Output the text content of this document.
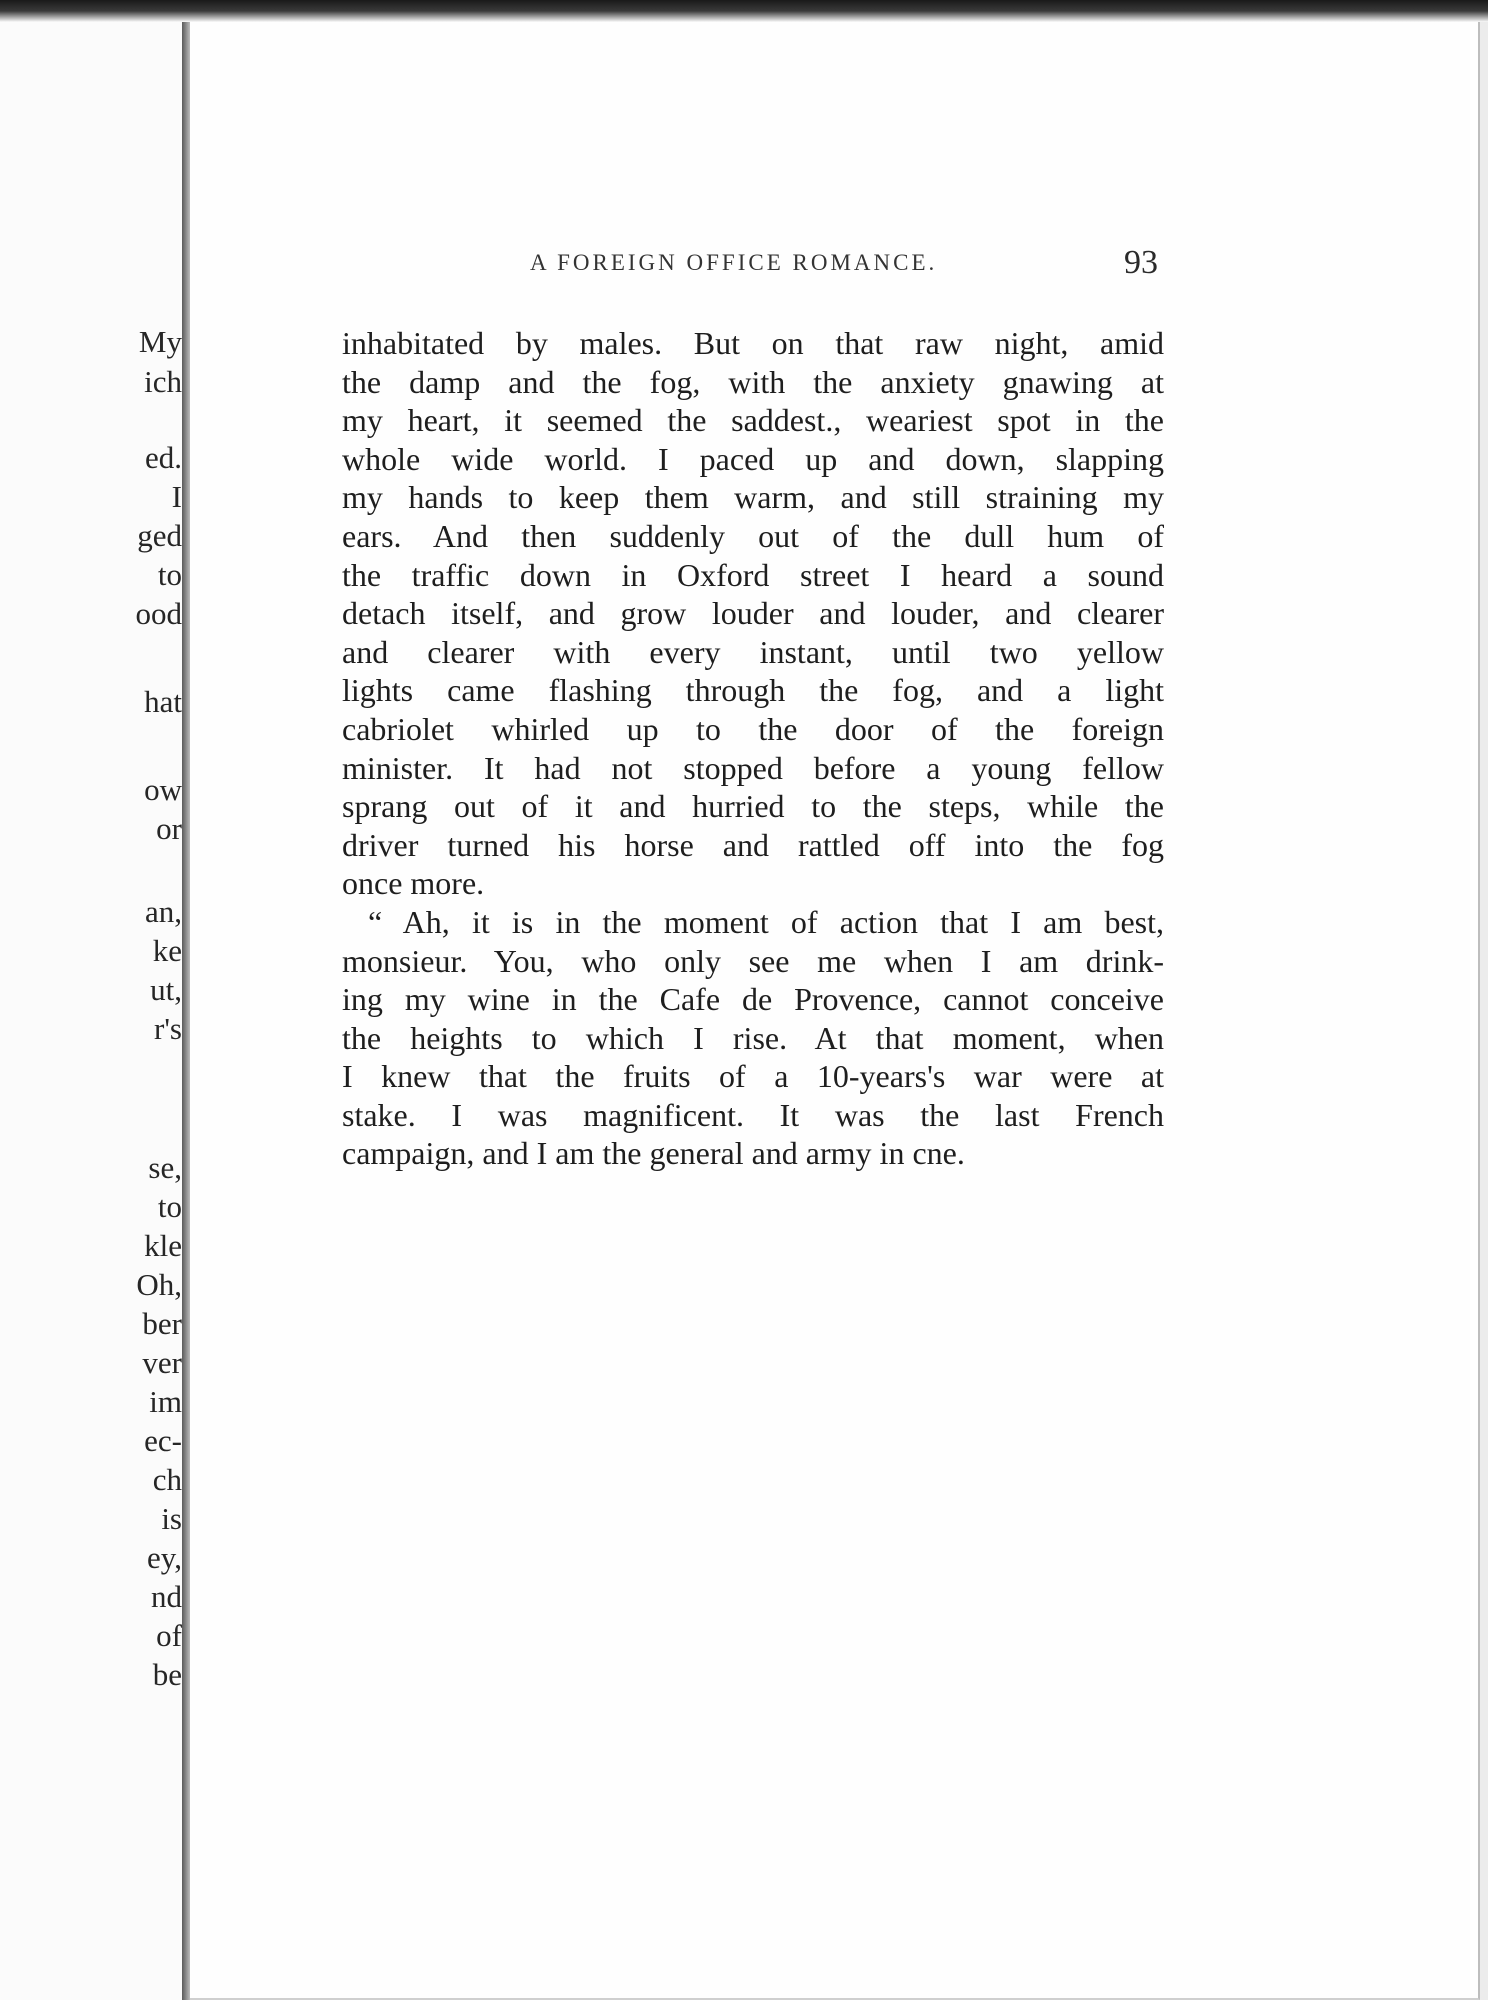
My
ich
ed.
I
ged
to
ood
hat
ow
or
an,
ke
ut,
r's
se,
to
kle
Oh,
ber
ver
im
ec-
ch
is
ey,
nd
of
be
A FOREIGN OFFICE ROMANCE.	93
inhabitated by males. But on that raw night, amid
the damp and the fog, with the anxiety gnawing at
my heart, it seemed the saddest., weariest spot in the
whole wide world. I paced up and down, slapping
my hands to keep them warm, and still straining my
ears. And then suddenly out of the dull hum of
the traffic down in Oxford street I heard a sound
detach itself, and grow louder and louder, and clearer
and clearer with every instant, until two yellow
lights came flashing through the fog, and a light
cabriolet whirled up to the door of the foreign
minister. It had not stopped before a young fellow
sprang out of it and hurried to the steps, while the
driver turned his horse and rattled off into the fog
once more.
“ Ah, it is in the moment of action that I am best,
monsieur. You, who only see me when I am drink-
ing my wine in the Cafe de Provence, cannot conceive
the heights to which I rise. At that moment, when
I knew that the fruits of a 10-years's war were at
stake. I was magnificent. It was the last French
campaign, and I am the general and army in cne.
